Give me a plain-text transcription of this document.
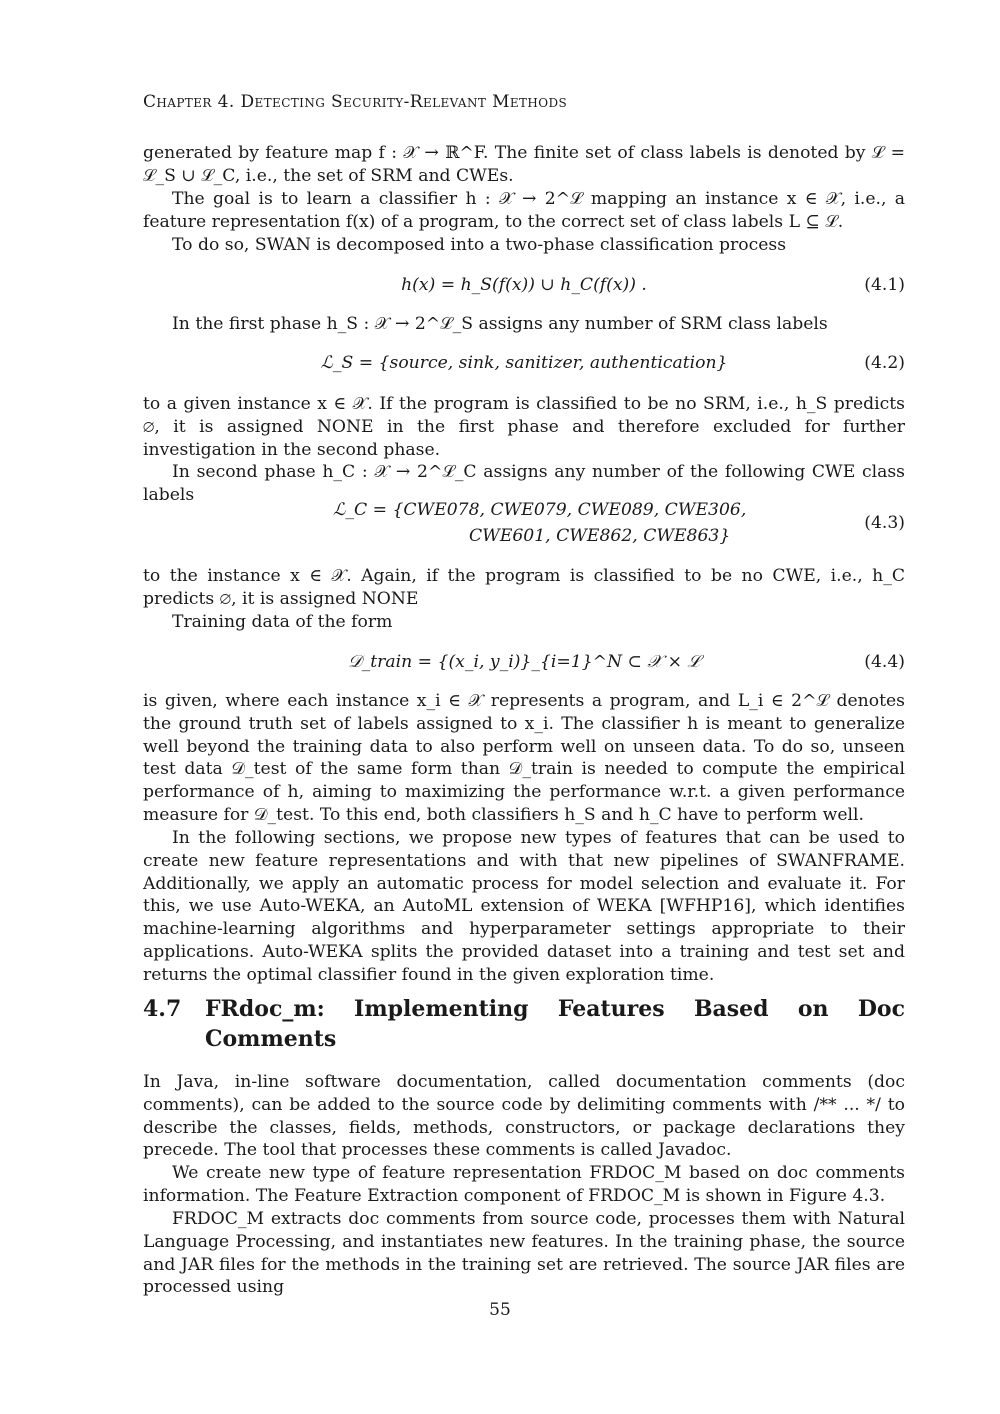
Chapter 4. Detecting Security-Relevant Methods

generated by feature map f : 𝒳 → ℝ^F. The finite set of class labels is denoted by ℒ = ℒ_S ∪ ℒ_C, i.e., the set of SRM and CWEs.

The goal is to learn a classifier h : 𝒳 → 2^ℒ mapping an instance x ∈ 𝒳, i.e., a feature representation f(x) of a program, to the correct set of class labels L ⊆ ℒ.

To do so, SWAN is decomposed into a two-phase classification process

h(x) = h_S(f(x)) ∪ h_C(f(x)) .	(4.1)

In the first phase h_S : 𝒳 → 2^ℒ_S assigns any number of SRM class labels

ℒ_S = {source, sink, sanitizer, authentication}	(4.2)

to a given instance x ∈ 𝒳. If the program is classified to be no SRM, i.e., h_S predicts ∅, it is assigned NONE in the first phase and therefore excluded for further investigation in the second phase.

In second phase h_C : 𝒳 → 2^ℒ_C assigns any number of the following CWE class labels

ℒ_C = {CWE078, CWE079, CWE089, CWE306,
CWE601, CWE862, CWE863}
(4.3)

to the instance x ∈ 𝒳. Again, if the program is classified to be no CWE, i.e., h_C predicts ∅, it is assigned NONE

Training data of the form

𝒟_train = {(x_i, y_i)}_{i=1}^N ⊂ 𝒳 × ℒ	(4.4)

is given, where each instance x_i ∈ 𝒳 represents a program, and L_i ∈ 2^ℒ denotes the ground truth set of labels assigned to x_i. The classifier h is meant to generalize well beyond the training data to also perform well on unseen data. To do so, unseen test data 𝒟_test of the same form than 𝒟_train is needed to compute the empirical performance of h, aiming to maximizing the performance w.r.t. a given performance measure for 𝒟_test. To this end, both classifiers h_S and h_C have to perform well.

In the following sections, we propose new types of features that can be used to create new feature representations and with that new pipelines of SWANFRAME. Additionally, we apply an automatic process for model selection and evaluate it. For this, we use Auto-WEKA, an AutoML extension of WEKA [WFHP16], which identifies machine-learning algorithms and hyperparameter settings appropriate to their applications. Auto-WEKA splits the provided dataset into a training and test set and returns the optimal classifier found in the given exploration time.

4.7 FRdoc_m: Implementing Features Based on Doc Comments

In Java, in-line software documentation, called documentation comments (doc comments), can be added to the source code by delimiting comments with /** ... */ to describe the classes, fields, methods, constructors, or package declarations they precede. The tool that processes these comments is called Javadoc.

We create new type of feature representation FRDOC_M based on doc comments information. The Feature Extraction component of FRDOC_M is shown in Figure 4.3.

FRDOC_M extracts doc comments from source code, processes them with Natural Language Processing, and instantiates new features. In the training phase, the source and JAR files for the methods in the training set are retrieved. The source JAR files are processed using

55
